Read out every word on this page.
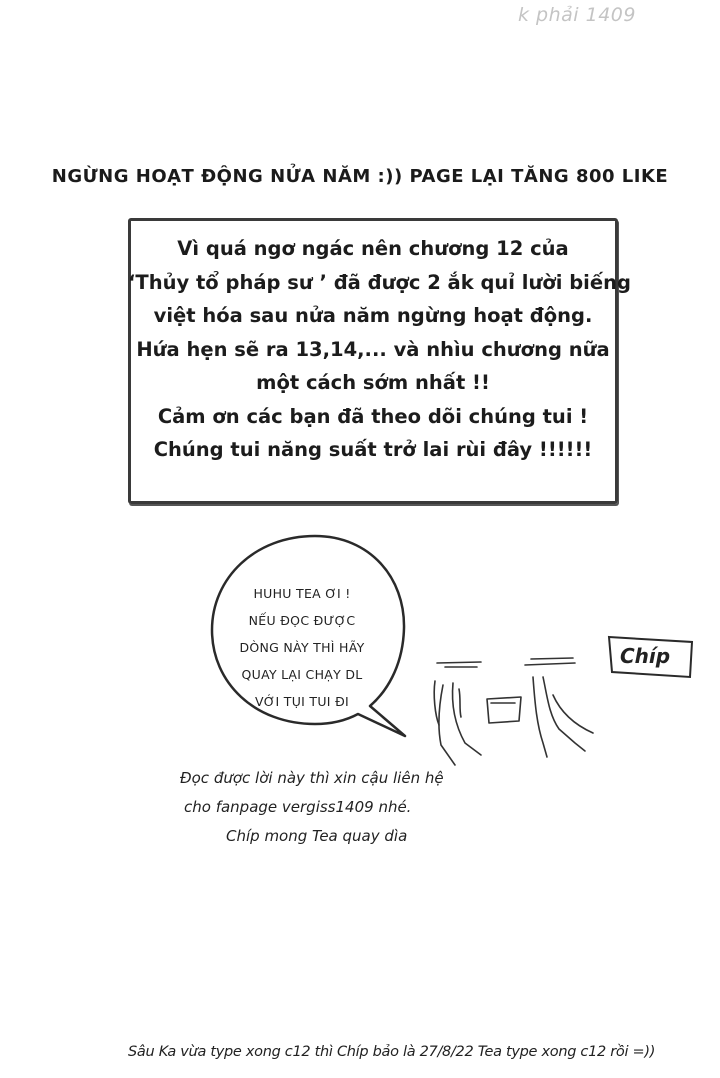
k phải 1409
NGỪNG HOẠT ĐỘNG NỬA NĂM :)) PAGE LẠI TĂNG 800 LIKE
Vì quá ngơ ngác nên chương 12 của
‘Thủy tổ pháp sư ’ đã được 2 ắk quỉ lười biếng
việt hóa sau nửa năm ngừng hoạt động.
Hứa hẹn sẽ ra 13,14,... và nhìu chương nữa
một cách sớm nhất !!
Cảm ơn các bạn đã theo dõi chúng tui !
Chúng tui năng suất trở lai rùi đây !!!!!!
HUHU TEA ƠI !
NẾU ĐỌC ĐƯỢC
DÒNG NÀY THÌ HÃY
QUAY LẠI CHẠY DL
VỚI TỤI TUI ĐI
Chíp
Đọc được lời này thì xin cậu liên hệ
cho fanpage vergiss1409 nhé.
Chíp mong Tea quay dìa
Sâu Ka vừa type xong c12 thì Chíp bảo là 27/8/22 Tea type xong c12 rồi =))
